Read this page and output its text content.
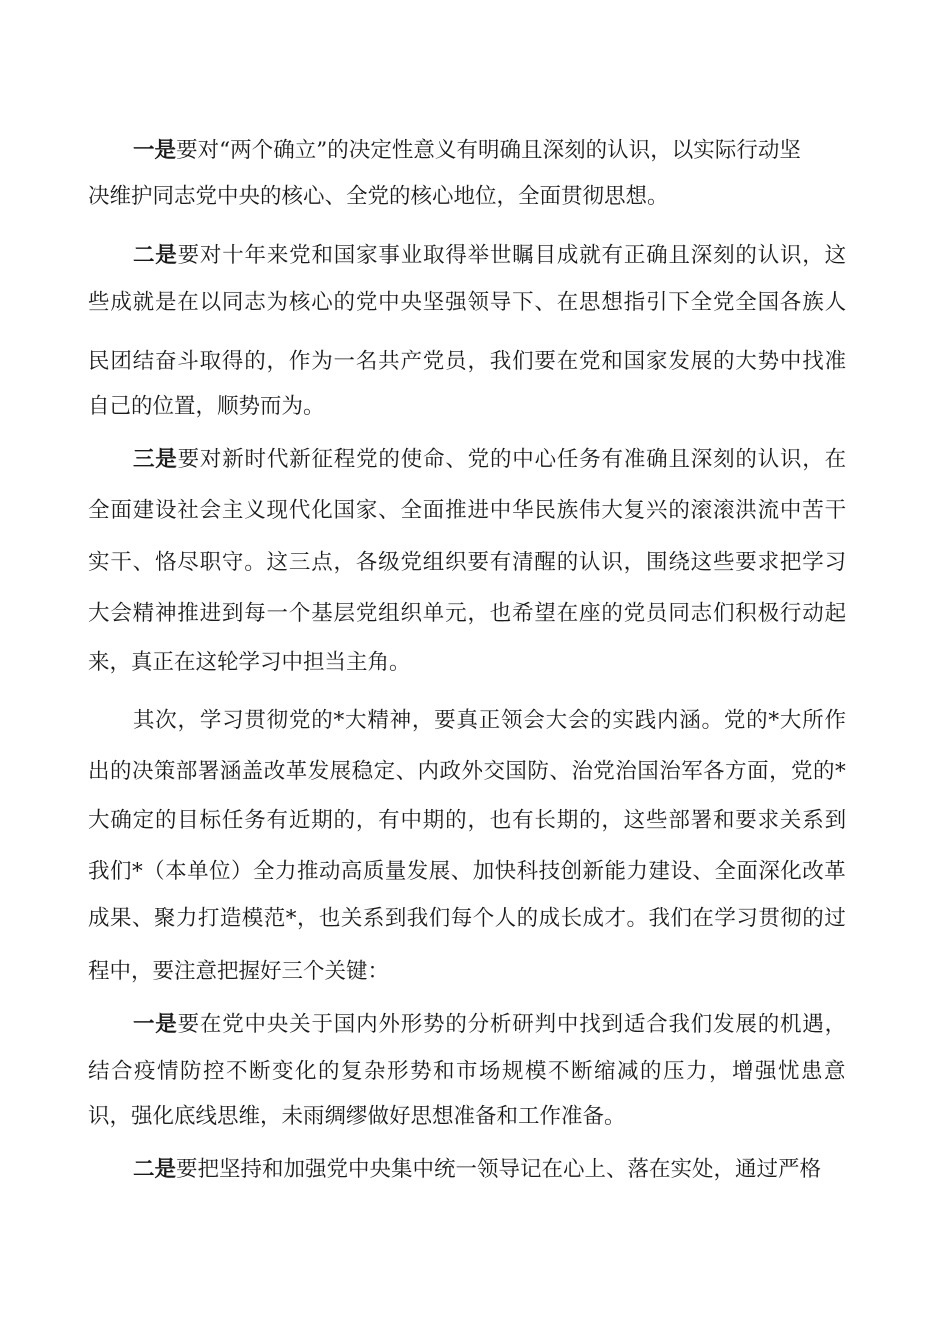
一是要对“两个确立”的决定性意义有明确且深刻的认识，以实际行动坚
决维护同志党中央的核心、全党的核心地位，全面贯彻思想。
二是要对十年来党和国家事业取得举世瞩目成就有正确且深刻的认识，这
些成就是在以同志为核心的党中央坚强领导下、在思想指引下全党全国各族人
民团结奋斗取得的，作为一名共产党员，我们要在党和国家发展的大势中找准
自己的位置，顺势而为。
三是要对新时代新征程党的使命、党的中心任务有准确且深刻的认识，在
全面建设社会主义现代化国家、全面推进中华民族伟大复兴的滚滚洪流中苦干
实干、恪尽职守。这三点，各级党组织要有清醒的认识，围绕这些要求把学习
大会精神推进到每一个基层党组织单元，也希望在座的党员同志们积极行动起
来，真正在这轮学习中担当主角。
其次，学习贯彻党的*大精神，要真正领会大会的实践内涵。党的*大所作
出的决策部署涵盖改革发展稳定、内政外交国防、治党治国治军各方面，党的*
大确定的目标任务有近期的，有中期的，也有长期的，这些部署和要求关系到
我们*（本单位）全力推动高质量发展、加快科技创新能力建设、全面深化改革
成果、聚力打造模范*，也关系到我们每个人的成长成才。我们在学习贯彻的过
程中，要注意把握好三个关键：
一是要在党中央关于国内外形势的分析研判中找到适合我们发展的机遇，
结合疫情防控不断变化的复杂形势和市场规模不断缩减的压力，增强忧患意
识，强化底线思维，未雨绸缪做好思想准备和工作准备。
二是要把坚持和加强党中央集中统一领导记在心上、落在实处，通过严格
